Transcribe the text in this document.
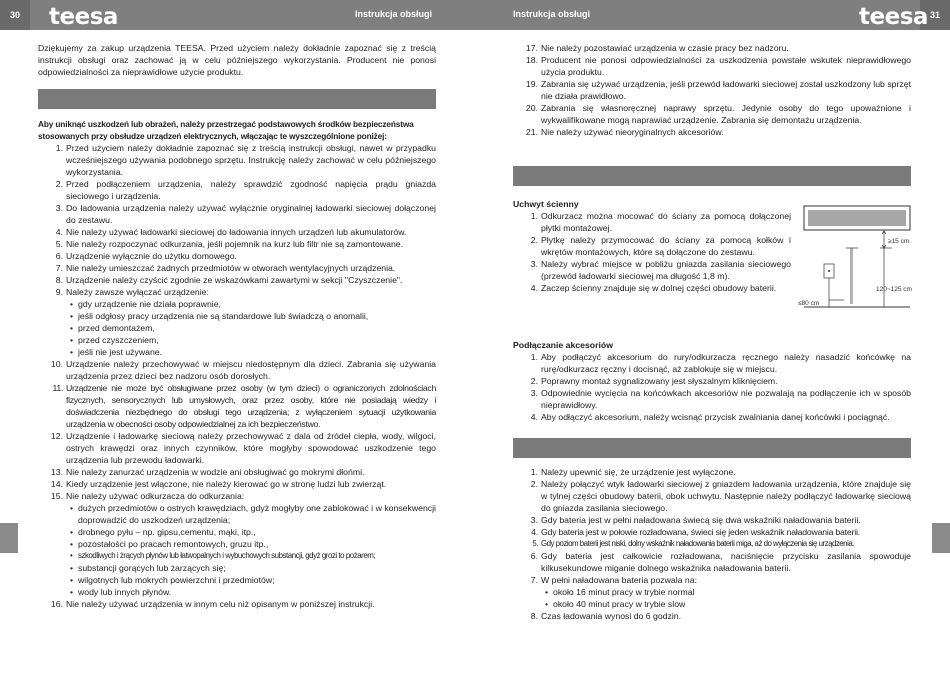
30	31
teesa	teesa
Instrukcja obsługi	Instrukcja obsługi
Dziękujemy za zakup urządzenia TEESA. Przed użyciem należy dokładnie zapoznać się z treścią instrukcji obsługi oraz zachować ją w celu późniejszego wykorzystania. Producent nie ponosi odpowiedzialności za nieprawidłowe użycie produktu.
Aby uniknąć uszkodzeń lub obrażeń, należy przestrzegać podstawowych środków bezpieczeństwa stosowanych przy obsłudze urządzeń elektrycznych, włączając te wyszczególnione poniżej:
1. Przed użyciem należy dokładnie zapoznać się z treścią instrukcji obsługi, nawet w przypadku wcześniejszego używania podobnego sprzętu. Instrukcję należy zachować w celu późniejszego wykorzystania.
2. Przed podłączeniem urządzenia, należy sprawdzić zgodność napięcia prądu gniazda sieciowego i urządzenia.
3. Do ładowania urządzenia należy używać wyłącznie oryginalnej ładowarki sieciowej dołączonej do zestawu.
4. Nie należy używać ładowarki sieciowej do ładowania innych urządzeń lub akumulatorów.
5. Nie należy rozpoczynać odkurzania, jeśli pojemnik na kurz lub filtr nie są zamontowane.
6. Urządzenie wyłącznie do użytku domowego.
7. Nie należy umieszczać żadnych przedmiotów w otworach wentylacyjnych urządzenia.
8. Urządzenie należy czyścić zgodnie ze wskazówkami zawartymi w sekcji "Czyszczenie".
9. Należy zawsze wyłączać urządzenie:
• gdy urządzenie nie działa poprawnie,
• jeśli odgłosy pracy urządzenia nie są standardowe lub świadczą o anomalii,
• przed demontażem,
• przed czyszczeniem,
• jeśli nie jest używane.
10. Urządzenie należy przechowywać w miejscu niedostępnym dla dzieci. Zabrania się używania urządzenia przez dzieci bez nadzoru osób dorosłych.
11. Urządzenie nie może być obsługiwane przez osoby (w tym dzieci) o ograniczonych zdolnościach fizycznych, sensorycznych lub umysłowych, oraz przez osoby, które nie posiadają wiedzy i doświadczenia niezbędnego do obsługi tego urządzenia; z wyłączeniem sytuacji użytkowania urządzenia w obecności osoby odpowiedzialnej za ich bezpieczeństwo.
12. Urządzenie i ładowarkę sieciową należy przechowywać z dala od źródeł ciepła, wody, wilgoci, ostrych krawędzi oraz innych czynników, które mogłyby spowodować uszkodzenie tego urządzenia lub przewodu ładowarki.
13. Nie należy zanurzać urządzenia w wodzie ani obsługiwać go mokrymi dłońmi.
14. Kiedy urządzenie jest włączone, nie należy kierować go w stronę ludzi lub zwierząt.
15. Nie należy używać odkurzacza do odkurzania:
• dużych przedmiotów o ostrych krawędziach, gdyż mogłyby one zablokować i w konsekwencji doprowadzić do uszkodzeń urządzenia;
• drobnego pyłu – np. gipsu,cementu, mąki, itp.,
• pozostałości po pracach remontowych, gruzu itp.,
• szkodliwych i żrących płynów lub łatwopalnych i wybuchowych substancji, gdyż grozi to pożarem;
• substancji gorących lub żarzących się;
• wilgotnych lub mokrych powierzchni i przedmiotów;
• wody lub innych płynów.
16. Nie należy używać urządzenia w innym celu niż opisanym w poniższej instrukcji.
17. Nie należy pozostawiać urządzenia w czasie pracy bez nadzoru.
18. Producent nie ponosi odpowiedzialności za uszkodzenia powstałe wskutek nieprawidłowego użycia produktu.
19. Zabrania się używać urządzenia, jeśli przewód ładowarki sieciowej został uszkodzony lub sprzęt nie działa prawidłowo.
20. Zabrania się własnoręcznej naprawy sprzętu. Jedynie osoby do tego upoważnione i wykwalifikowane mogą naprawiać urządzenie. Zabrania się demontażu urządzenia.
21. Nie należy używać nieoryginalnych akcesoriów.
Uchwyt ścienny
1. Odkurzacz można mocować do ściany za pomocą dołączonej płytki montażowej.
2. Płytkę należy przymocować do ściany za pomocą kołków i wkrętów montażowych, które są dołączone do zestawu.
3. Należy wybrać miejsce w pobliżu gniazda zasilania sieciowego (przewód ładowarki sieciowej ma długość 1,8 m).
4. Zaczep ścienny znajduje się w dolnej części obudowy baterii.
≥15 cm
120~125 cm
≤80 cm
Podłączanie akcesoriów
1. Aby podłączyć akcesorium do rury/odkurzacza ręcznego należy nasadzić końcówkę na rurę/odkurzacz ręczny i docisnąć, aż zablokuje się w miejscu.
2. Poprawny montaż sygnalizowany jest słyszalnym kliknięciem.
3. Odpowiednie wycięcia na końcówkach akcesoriów nie pozwalają na podłączenie ich w sposób nieprawidłowy.
4. Aby odłączyć akcesorium, należy wcisnąć przycisk zwalniania danej końcówki i pociągnąć.
1. Należy upewnić się, że urządzenie jest wyłączone.
2. Należy połączyć wtyk ładowarki sieciowej z gniazdem ładowania urządzenia, które znajduje się w tylnej części obudowy baterii, obok uchwytu. Następnie należy podłączyć ładowarkę sieciową do gniazda zasilania sieciowego.
3. Gdy bateria jest w pełni naładowana świecą się dwa wskaźniki naładowania baterii.
4. Gdy bateria jest w połowie rozładowana, świeci się jeden wskaźnik naładowania baterii.
5. Gdy poziom baterii jest niski, dolny wskaźnik naładowania baterii miga, aż do wyłączenia się urządzenia.
6. Gdy bateria jest całkowicie rozładowana, naciśnięcie przycisku zasilania spowoduje kilkusekundowe miganie dolnego wskaźnika naładowania baterii.
7. W pełni naładowana bateria pozwala na:
• około 16 minut pracy w trybie normal
• około 40 minut pracy w trybie slow
8. Czas ładowania wynosi do 6 godzin.
